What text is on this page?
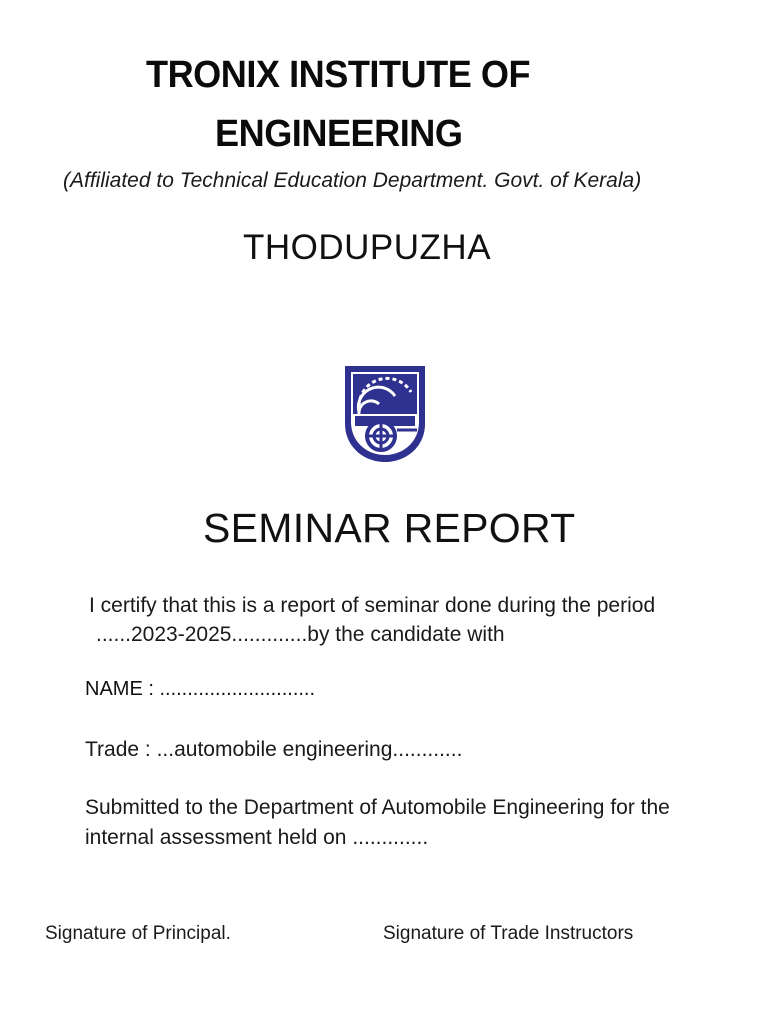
TRONIX INSTITUTE OF
ENGINEERING
(Affiliated to Technical Education Department. Govt. of Kerala)
THODUPUZHA
SEMINAR REPORT
I certify that this is a report of seminar done during the period
......2023-2025.............by the candidate with
NAME : ............................
Trade : ...automobile engineering............
Submitted to the Department of Automobile Engineering for the
internal assessment held on .............
Signature of Principal.	Signature of Trade Instructors
